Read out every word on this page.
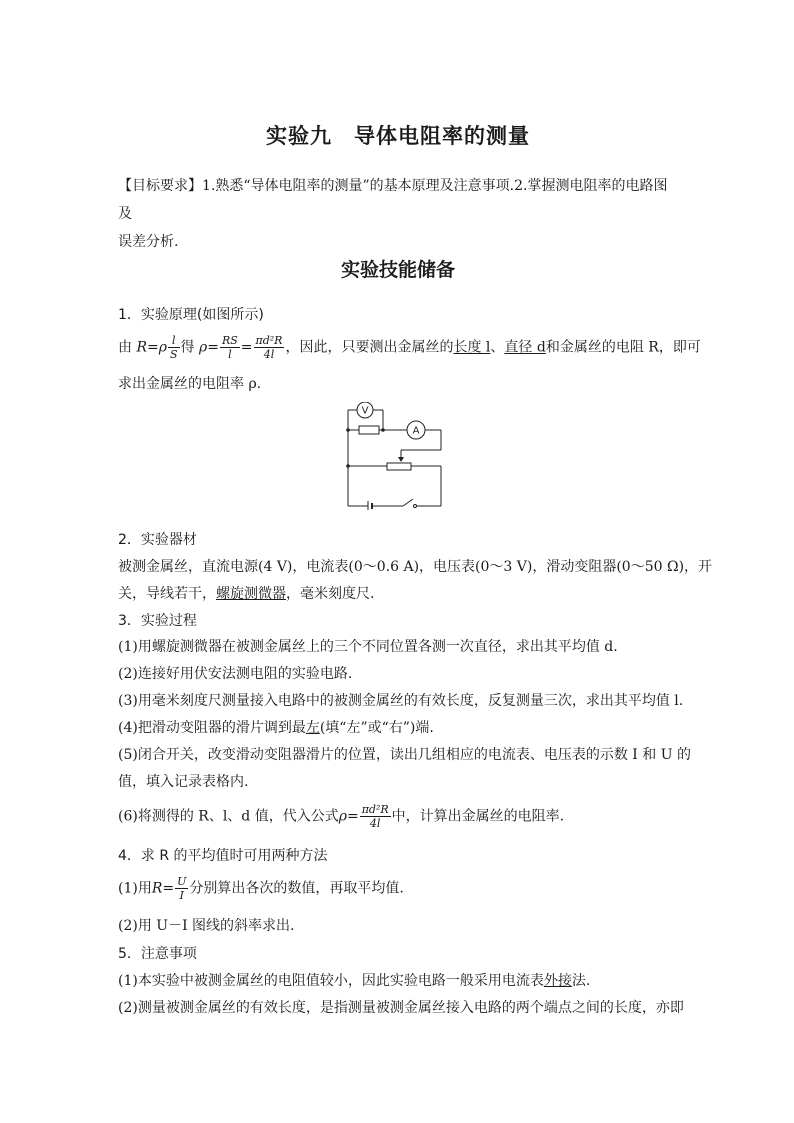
实验九 导体电阻率的测量
【目标要求】1.熟悉“导体电阻率的测量”的基本原理及注意事项.2.掌握测电阻率的电路图及
误差分析.
实验技能储备
1．实验原理(如图所示)
由 $R=\rho \frac{l}{S}$ 得 $\rho= \frac{RS}{l} = \frac{\text{πd²R}}{4l}$ ，因此，只要测出金属丝的长度 l、直径 d和金属丝的电阻 R，即可
求出金属丝的电阻率 ρ.
V
A
2．实验器材
被测金属丝，直流电源(4 V)，电流表(0～0.6 A)，电压表(0～3 V)，滑动变阻器(0～50 Ω)，开
关，导线若干，螺旋测微器，毫米刻度尺.
3．实验过程
(1)用螺旋测微器在被测金属丝上的三个不同位置各测一次直径，求出其平均值 d.
(2)连接好用伏安法测电阻的实验电路.
(3)用毫米刻度尺测量接入电路中的被测金属丝的有效长度，反复测量三次，求出其平均值 l.
(4)把滑动变阻器的滑片调到最左(填“左”或“右”)端.
(5)闭合开关，改变滑动变阻器滑片的位置，读出几组相应的电流表、电压表的示数 I 和 U 的
值，填入记录表格内.
(6)将测得的 R、l、d 值，代入公式$\rho= \frac{\text{πd²R}}{4l}$ 中，计算出金属丝的电阻率.
4．求 R 的平均值时可用两种方法
(1)用$R= \frac{U}{I}$ 分别算出各次的数值，再取平均值.
(2)用 U－I 图线的斜率求出.
5．注意事项
(1)本实验中被测金属丝的电阻值较小，因此实验电路一般采用电流表外接法.
(2)测量被测金属丝的有效长度，是指测量被测金属丝接入电路的两个端点之间的长度，亦即
